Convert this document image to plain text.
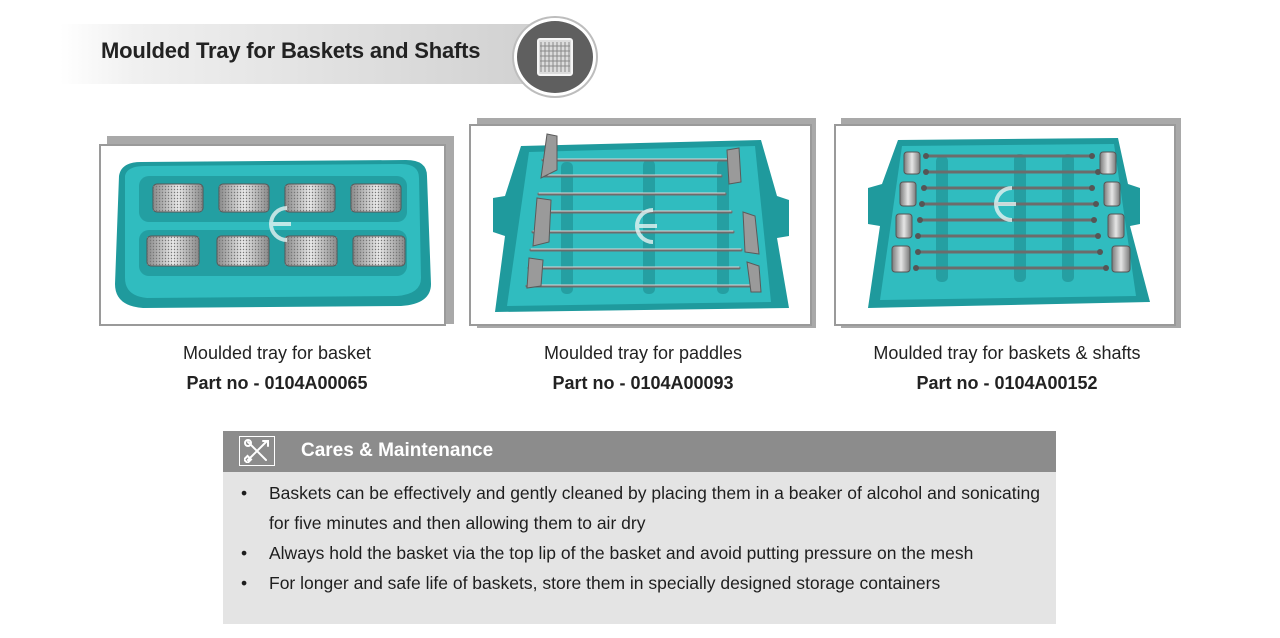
Moulded Tray for Baskets and Shafts
Moulded tray for basket
Part no - 0104A00065
Moulded tray for paddles
Part no - 0104A00093
Moulded tray for baskets & shafts
Part no - 0104A00152
Cares & Maintenance
• Baskets can be effectively and gently cleaned by placing them in a beaker of alcohol and sonicating for five minutes and then allowing them to air dry
• Always hold the basket via the top lip of the basket and avoid putting pressure on the mesh
• For longer and safe life of baskets, store them in specially designed storage containers
